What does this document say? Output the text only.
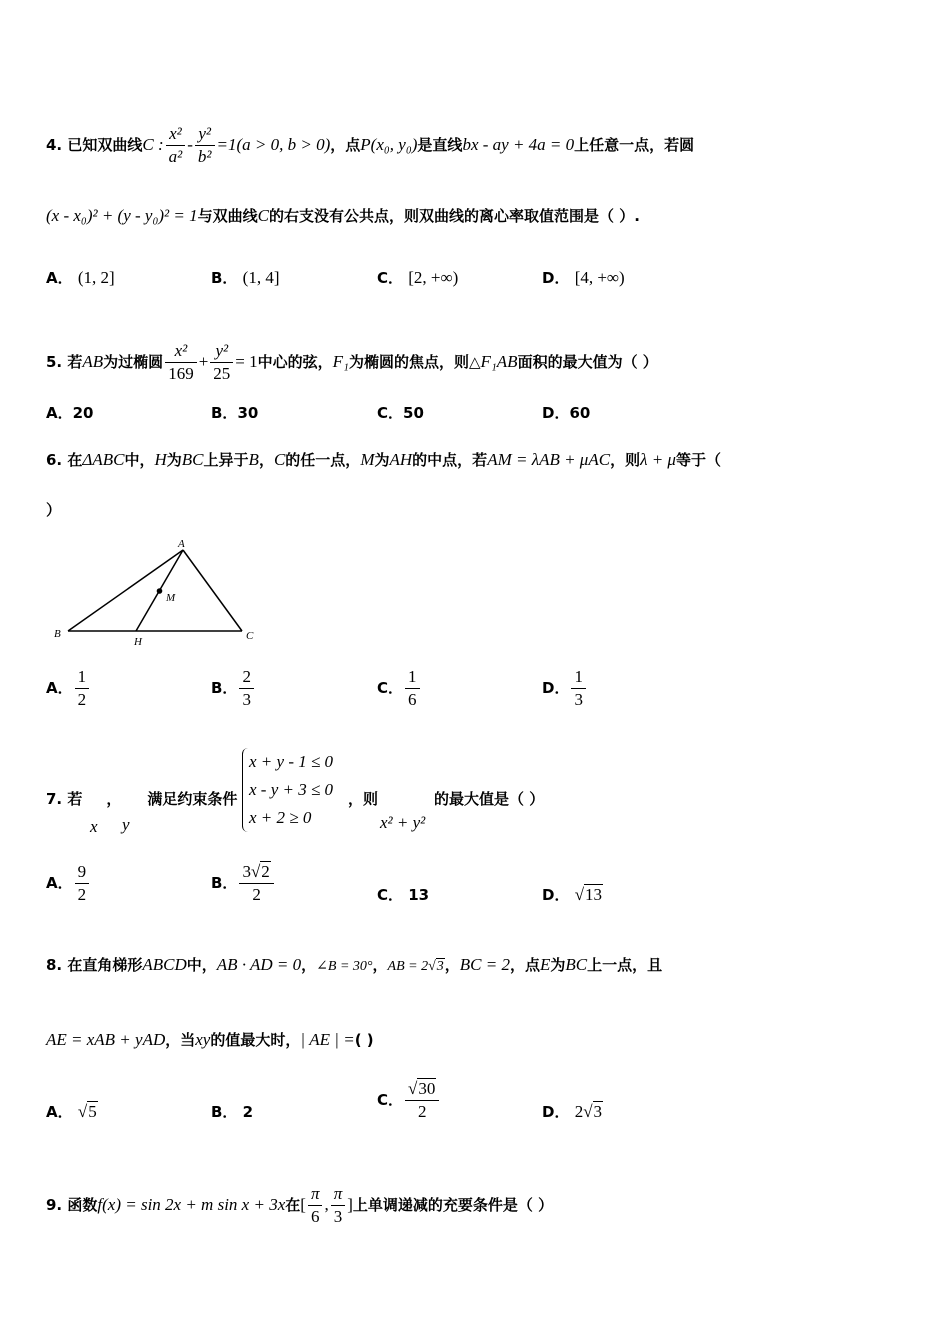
4. 已知双曲线C : $\frac{\text{x²}}{\text{a²}} - \frac{\text{y²}}{\text{b²}} =1(a > 0$, b > 0)，点P(x₀, y₀)是直线bx - ay + 4a = 0上任意一点，若圆
(x - x₀)² + (y - y₀)² = 1与双曲线C的右支没有公共点，则双曲线的离心率取值范围是（ ）.
A． (1, 2]	B． (1, 4]	C． [2, +∞)	D． [4, +∞)
5. 若AB为过椭圆 $\frac{\text{x²}}{169} + \frac{\text{y²}}{25} = 1$中心的弦，F₁为椭圆的焦点，则△F₁AB面积的最大值为（ ）
A．20	B．30	C．50	D．60
6. 在ΔABC中，H为BC上异于B，C的任一点，M为AH的中点，若AM = λAB + μAC，则λ + μ等于（
）
A
B	C
H
M
A． $\frac{1}{2}$	B． $\frac{2}{3}$	C． $\frac{1}{6}$	D． $\frac{1}{3}$
7. 若 ， 满足约束条件
x y
x + y - 1 ≤ 0
x - y + 3 ≤ 0
x + 2 ≥ 0
，则
x² + y²
的最大值是（ ）
A． $\frac{9}{2}$	B． $\frac{3√2}{2}$	C． 13	D． √13
8. 在直角梯形ABCD中，AB · AD = 0，∠B = 30°，AB = 2√3，BC = 2，点E为BC上一点，且
AE = xAB + yAD，当xy的值最大时，| AE | =( )
A． √5	B． 2
C． $\frac{√30}{2}$	D． 2√3
9. 函数f(x) = sin 2x + m sin x + 3x在[ $\frac{\pi}{6}$ , $\frac{\pi}{3}$ ]上单调递减的充要条件是（ ）
